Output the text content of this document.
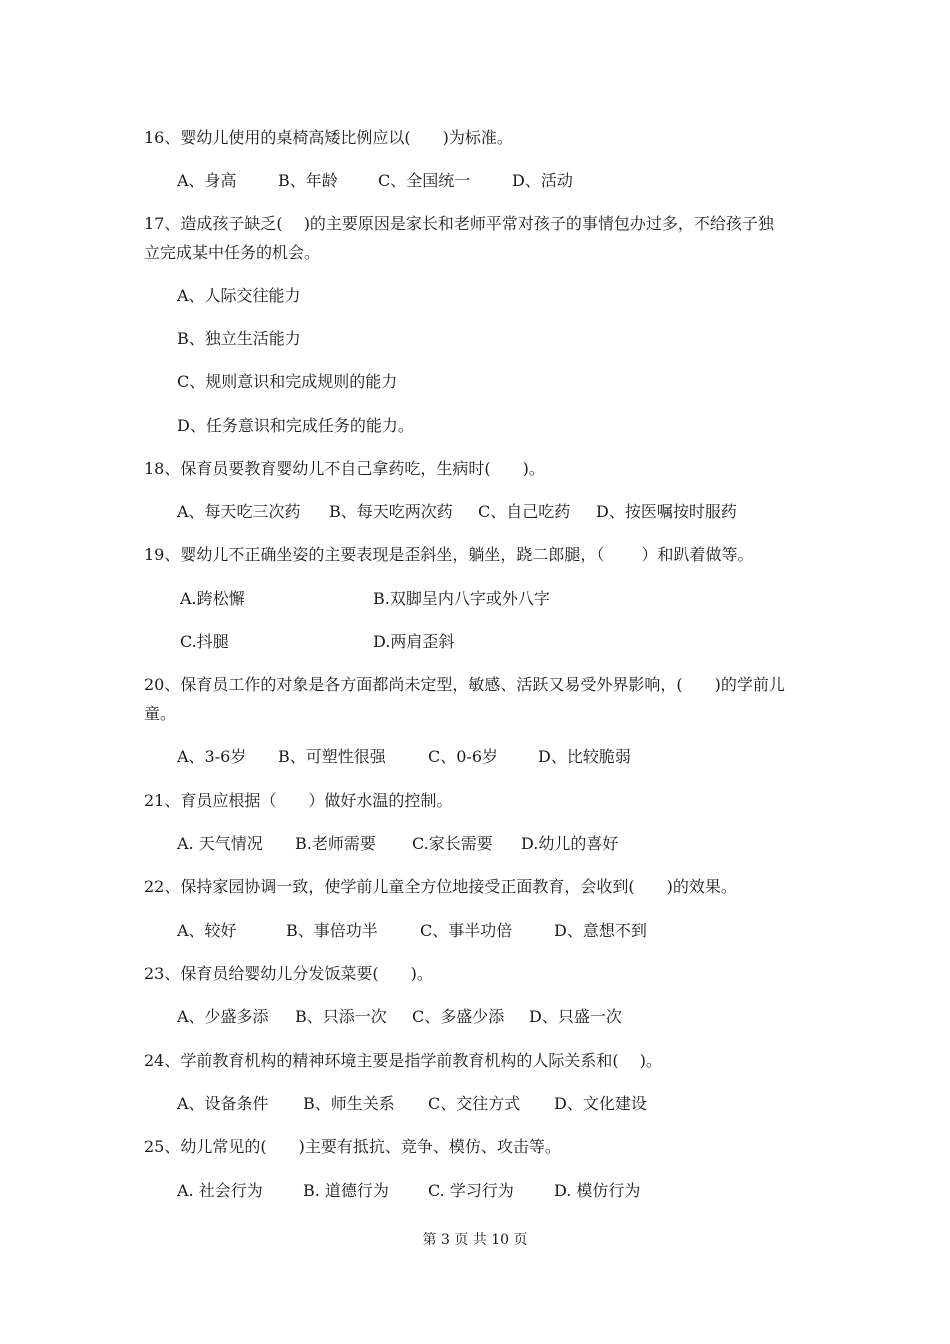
16、婴幼儿使用的桌椅高矮比例应以(　　)为标准。
A、身高	B、年龄	C、全国统一	D、活动
17、造成孩子缺乏(　 )的主要原因是家长和老师平常对孩子的事情包办过多，不给孩子独
立完成某中任务的机会。
A、人际交往能力
B、独立生活能力
C、规则意识和完成规则的能力
D、任务意识和完成任务的能力。
18、保育员要教育婴幼儿不自己拿药吃，生病时(　　)。
A、每天吃三次药 B、每天吃两次药 C、自己吃药 D、按医嘱按时服药
19、婴幼儿不正确坐姿的主要表现是歪斜坐，躺坐，跷二郎腿，（　　 ）和趴着做等。
A.跨松懈	B.双脚呈内八字或外八字
C.抖腿	D.两肩歪斜
20、保育员工作的对象是各方面都尚未定型，敏感、活跃又易受外界影响，(　　)的学前儿
童。
A、3-6岁 B、可塑性很强	C、0-6岁 D、比较脆弱
21、育员应根据（　　）做好水温的控制。
A. 天气情况 B.老师需要 C.家长需要 D.幼儿的喜好
22、保持家园协调一致，使学前儿童全方位地接受正面教育，会收到(　　)的效果。
A、较好	B、事倍功半	C、事半功倍	D、意想不到
23、保育员给婴幼儿分发饭菜要(　　)。
A、少盛多添 B、只添一次 C、多盛少添 D、只盛一次
24、学前教育机构的精神环境主要是指学前教育机构的人际关系和(　 )。
A、设备条件 B、师生关系 C、交往方式 D、文化建设
25、幼儿常见的(　　)主要有抵抗、竞争、模仿、攻击等。
A. 社会行为	B. 道德行为 C. 学习行为	D. 模仿行为
第 3 页 共 10 页
